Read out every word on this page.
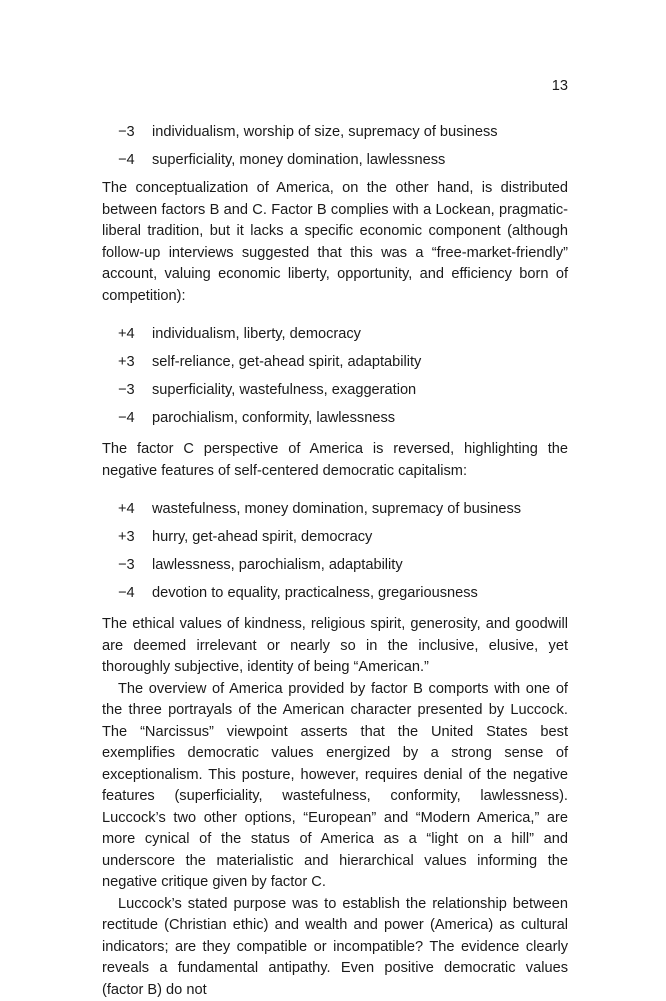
13
−3	individualism, worship of size, supremacy of business
−4	superficiality, money domination, lawlessness

The conceptualization of America, on the other hand, is distributed between factors B and C. Factor B complies with a Lockean, pragmatic-liberal tradition, but it lacks a specific economic component (although follow-up interviews suggested that this was a “free-market-friendly” account, valuing economic liberty, opportunity, and efficiency born of competition):

+4	individualism, liberty, democracy
+3	self-reliance, get-ahead spirit, adaptability
−3	superficiality, wastefulness, exaggeration
−4	parochialism, conformity, lawlessness

The factor C perspective of America is reversed, highlighting the negative features of self-centered democratic capitalism:

+4	wastefulness, money domination, supremacy of business
+3	hurry, get-ahead spirit, democracy
−3	lawlessness, parochialism, adaptability
−4	devotion to equality, practicalness, gregariousness

The ethical values of kindness, religious spirit, generosity, and goodwill are deemed irrelevant or nearly so in the inclusive, elusive, yet thoroughly subjective, identity of being “American.”

The overview of America provided by factor B comports with one of the three portrayals of the American character presented by Luccock. The “Narcissus” viewpoint asserts that the United States best exemplifies democratic values energized by a strong sense of exceptionalism. This posture, however, requires denial of the negative features (superficiality, wastefulness, conformity, lawlessness). Luccock’s two other options, “European” and “Modern America,” are more cynical of the status of America as a “light on a hill” and underscore the materialistic and hierarchical values informing the negative critique given by factor C.

Luccock’s stated purpose was to establish the relationship between rectitude (Christian ethic) and wealth and power (America) as cultural indicators; are they compatible or incompatible? The evidence clearly reveals a fundamental antipathy. Even positive democratic values (factor B) do not
